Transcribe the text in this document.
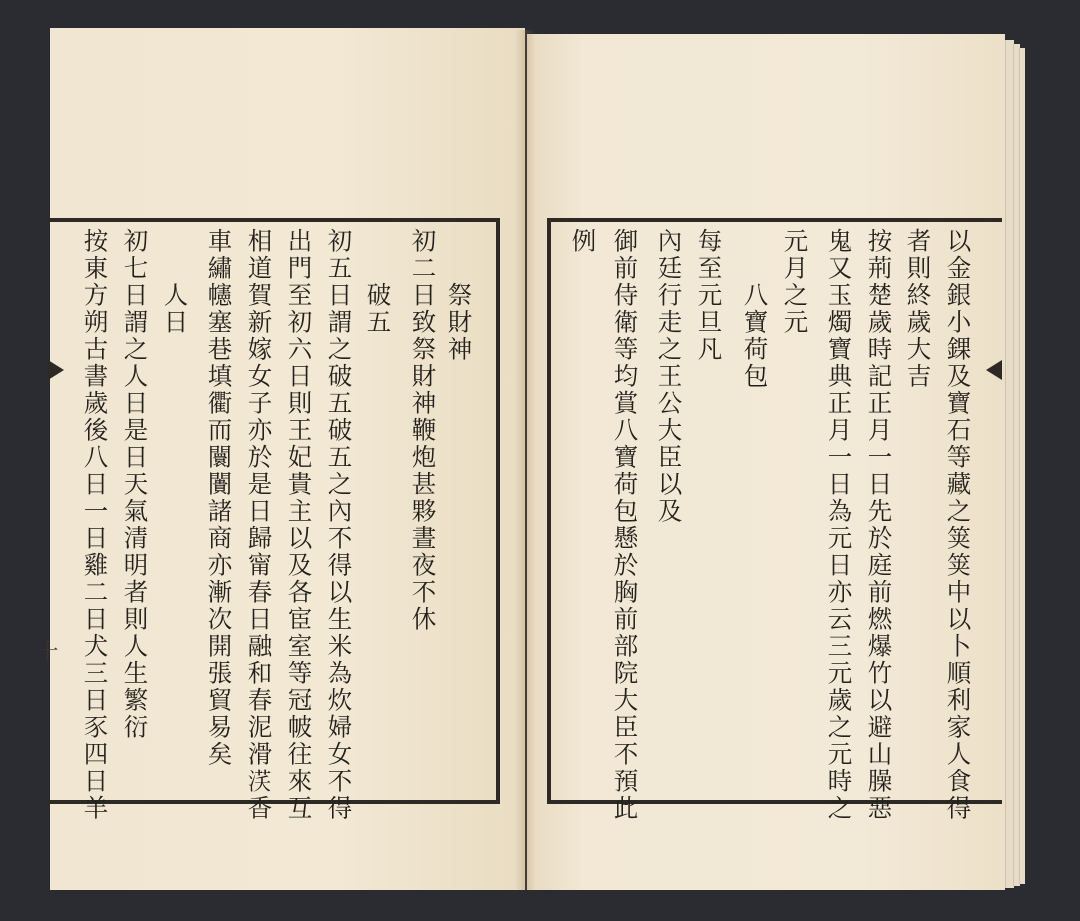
初二日致祭財神鞭炮甚夥晝夜不休 祭財神
破五
初五日謂之破五破五之內不得以生米為炊婦女不得
出門至初六日則王妃貴主以及各宦室等冠帔往來互
相道賀新嫁女子亦於是日歸甯春日融和春泥滑𣵽香
車繡幰塞巷填衢而闤闠諸商亦漸次開張貿易矣
人日
初七日謂之人日是日天氣清明者則人生繁衍
按東方朔古書歲後八日一日雞二日犬三日豕四日羊
十	以金銀小錁及寶石等藏之䇲䇲中以卜順利家人食得
者則終歲大吉
按荊楚歲時記正月一日先於庭前燃爆竹以避山臊惡
鬼又玉燭寶典正月一日為元日亦云三元歲之元時之
元月之元
八寶荷包
每至元旦凡
內廷行走之王公大臣以及
御前侍衛等均賞八寶荷包懸於胸前部院大臣不預此
例
